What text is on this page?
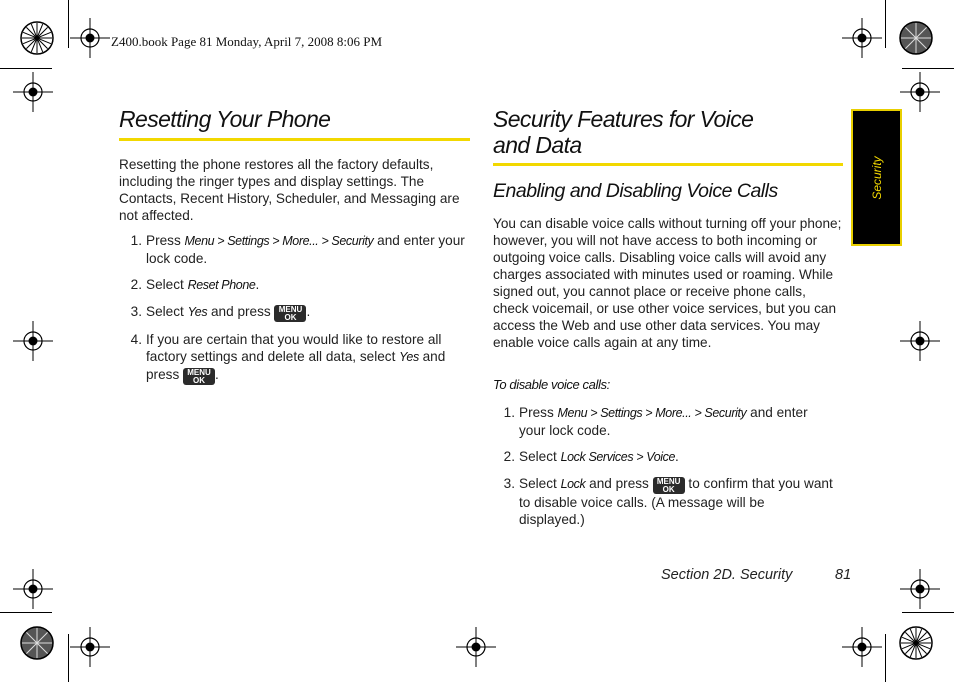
Z400.book Page 81 Monday, April 7, 2008 8:06 PM
Resetting Your Phone
Resetting the phone restores all the factory defaults, including the ringer types and display settings. The Contacts, Recent History, Scheduler, and Messaging are not affected.
1. Press Menu > Settings > More... > Security and enter your lock code.
2. Select Reset Phone.
3. Select Yes and press MENU
OK .
4. If you are certain that you would like to restore all factory settings and delete all data, select Yes and press MENU
OK .
Security Features for Voice
and Data
Enabling and Disabling Voice Calls
You can disable voice calls without turning off your phone; however, you will not have access to both incoming or outgoing voice calls. Disabling voice calls will avoid any charges associated with minutes used or roaming. While signed out, you cannot place or receive phone calls, check voicemail, or use other voice services, but you can access the Web and use other data services. You may enable voice calls again at any time.
To disable voice calls:
1. Press Menu > Settings > More... > Security and enter your lock code.
2. Select Lock Services > Voice.
3. Select Lock and press MENU
OK to confirm that you want to disable voice calls. (A message will be displayed.)
Security
Section 2D. Security	81
